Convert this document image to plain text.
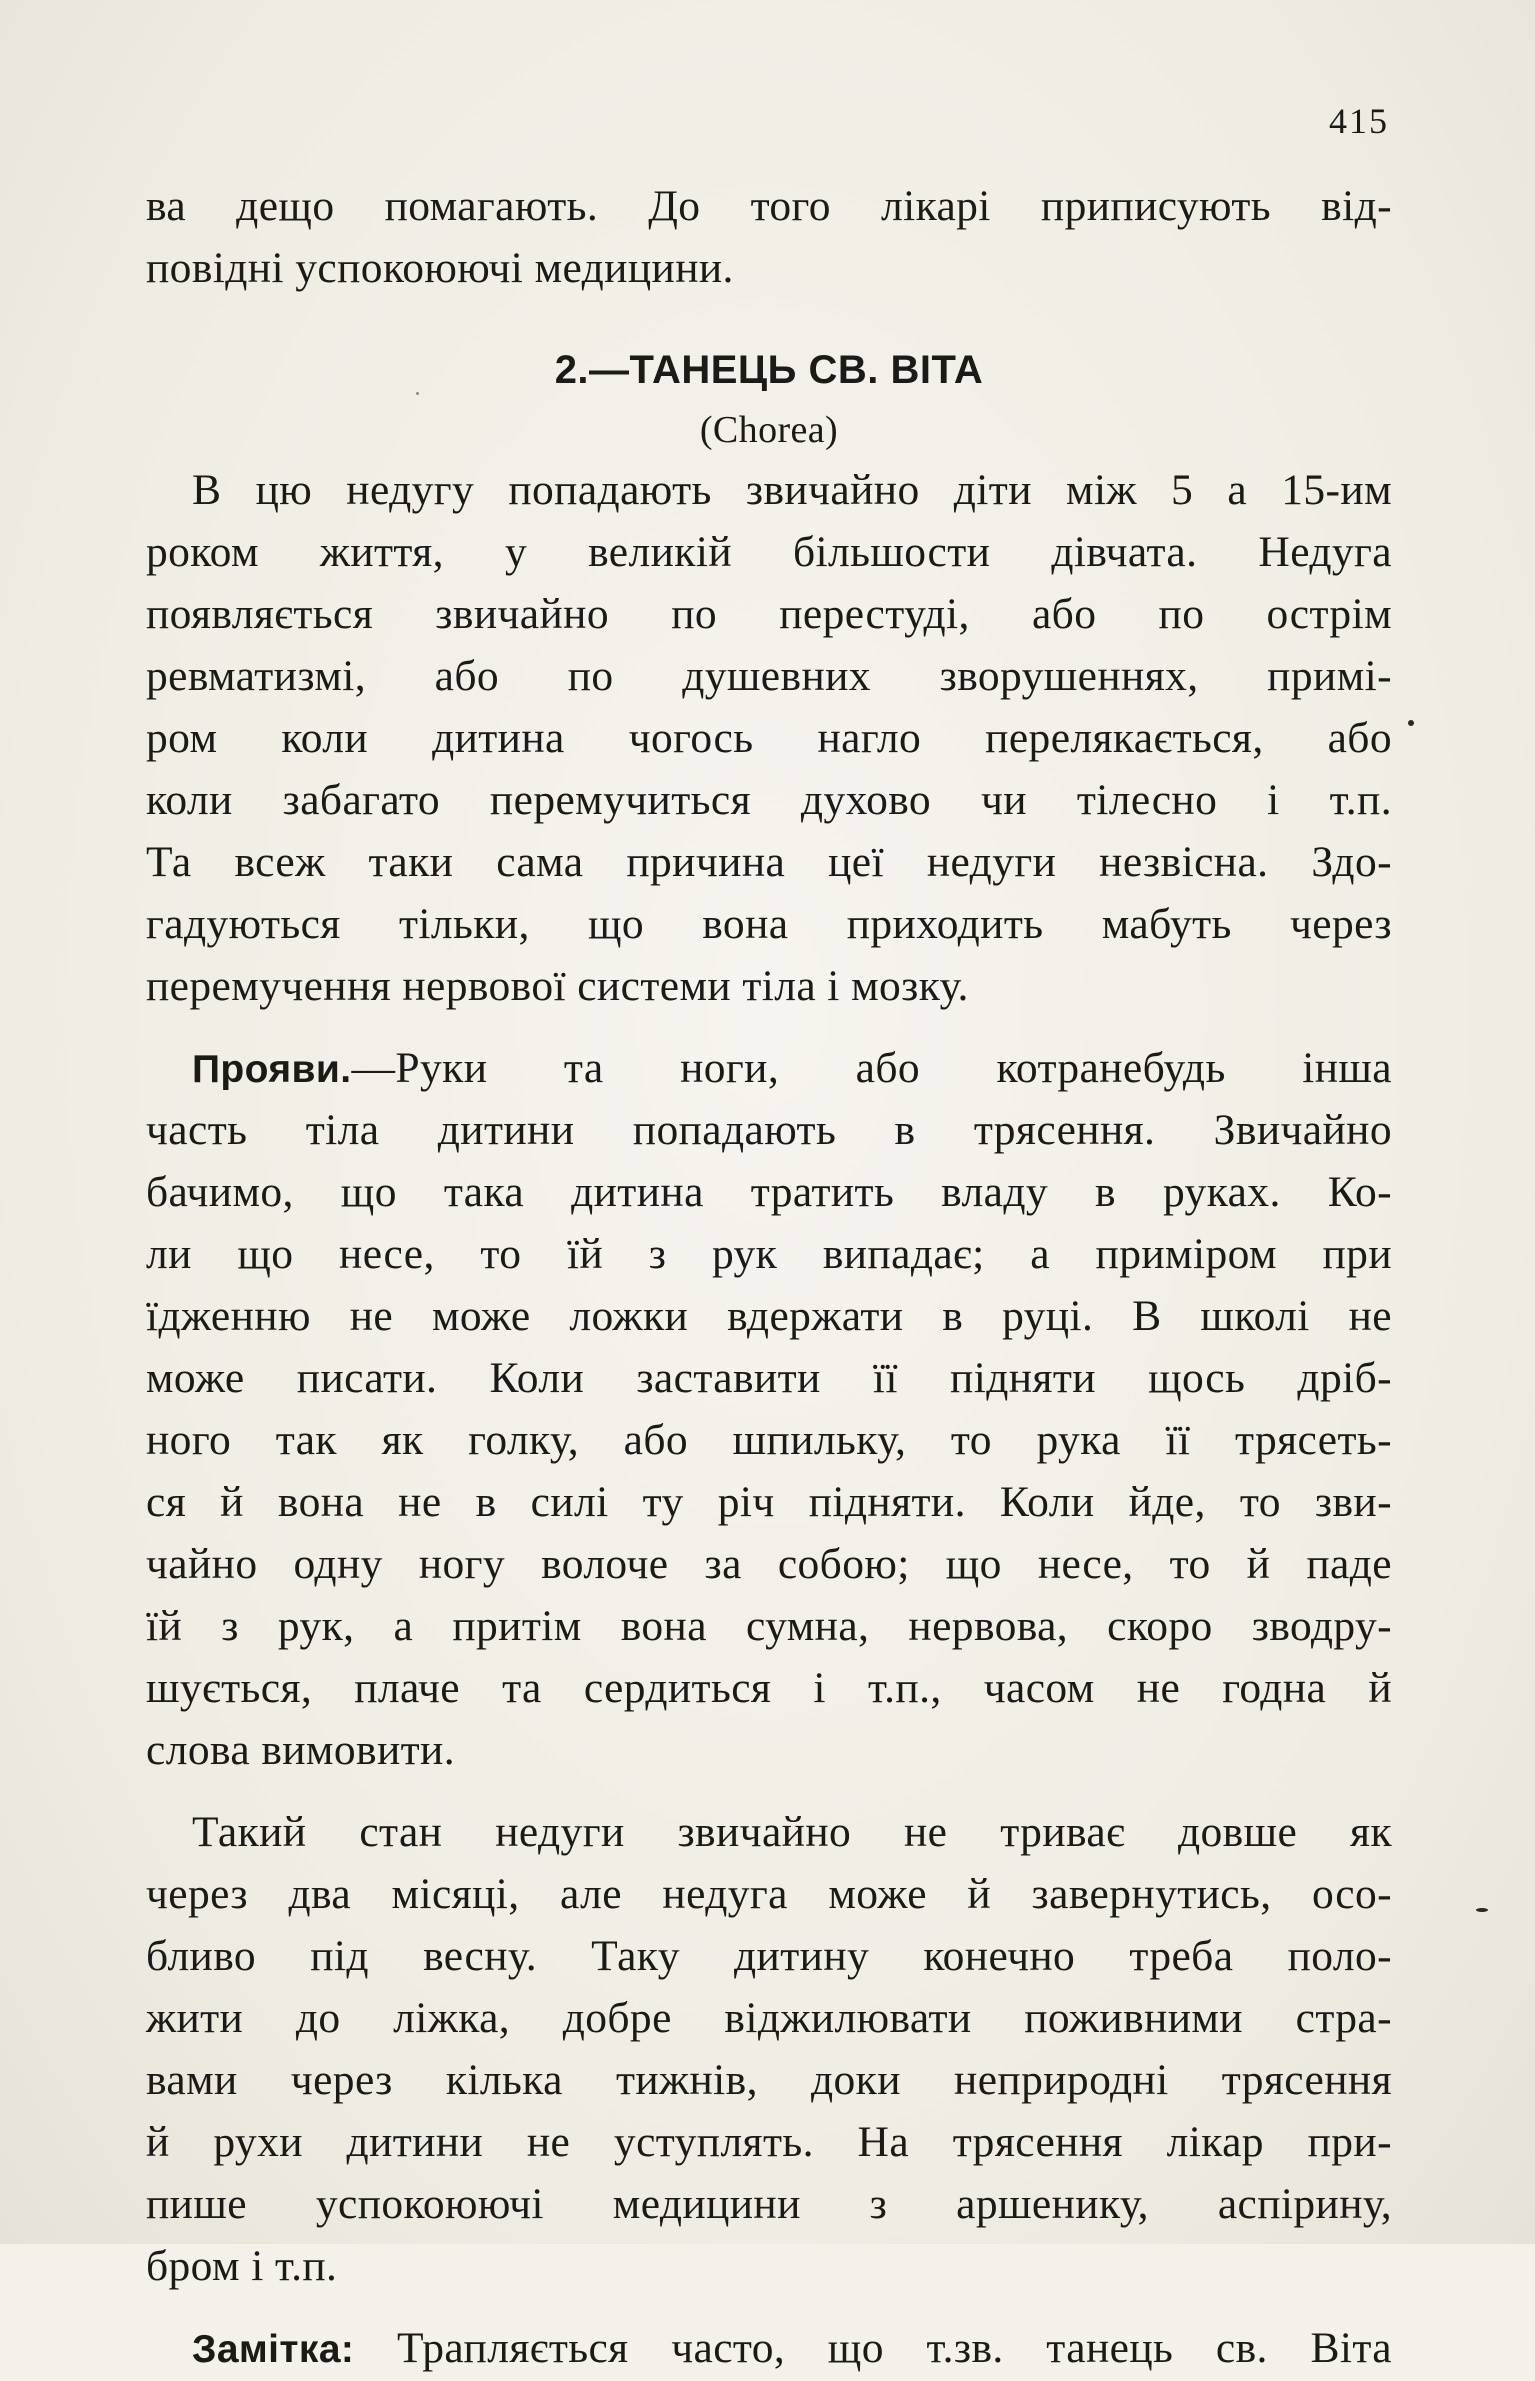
415
ва дещо помагають. До того лікарі приписують від-
повідні успокоюючі медицини.
2.—ТАНЕЦЬ СВ. ВІТА
(Chorea)
В цю недугу попадають звичайно діти між 5 а 15-им
роком життя, у великій більшости дівчата. Недуга
появляється звичайно по перестуді, або по острім
ревматизмі, або по душевних зворушеннях, примі-
ром коли дитина чогось нагло перелякається, або
коли забагато перемучиться духово чи тілесно і т.п.
Та всеж таки сама причина цеї недуги незвісна. Здо-
гадуються тільки, що вона приходить мабуть через
перемучення нервової системи тіла і мозку.
Прояви.—Руки та ноги, або котранебудь інша
часть тіла дитини попадають в трясення. Звичайно
бачимо, що така дитина тратить владу в руках. Ко-
ли що несе, то їй з рук випадає; а приміром при
їдженню не може ложки вдержати в руці. В школі не
може писати. Коли заставити її підняти щось дріб-
ного так як голку, або шпильку, то рука її трясеть-
ся й вона не в силі ту річ підняти. Коли йде, то зви-
чайно одну ногу волоче за собою; що несе, то й паде
їй з рук, а притім вона сумна, нервова, скоро зводру-
шується, плаче та сердиться і т.п., часом не годна й
слова вимовити.
Такий стан недуги звичайно не триває довше як
через два місяці, але недуга може й завернутись, осо-
бливо під весну. Таку дитину конечно треба поло-
жити до ліжка, добре віджилювати поживними стра-
вами через кілька тижнів, доки неприродні трясення
й рухи дитини не уступлять. На трясення лікар при-
пише успокоюючі медицини з аршенику, аспірину,
бром і т.п.
Замітка: Трапляється часто, що т.зв. танець св. Віта
